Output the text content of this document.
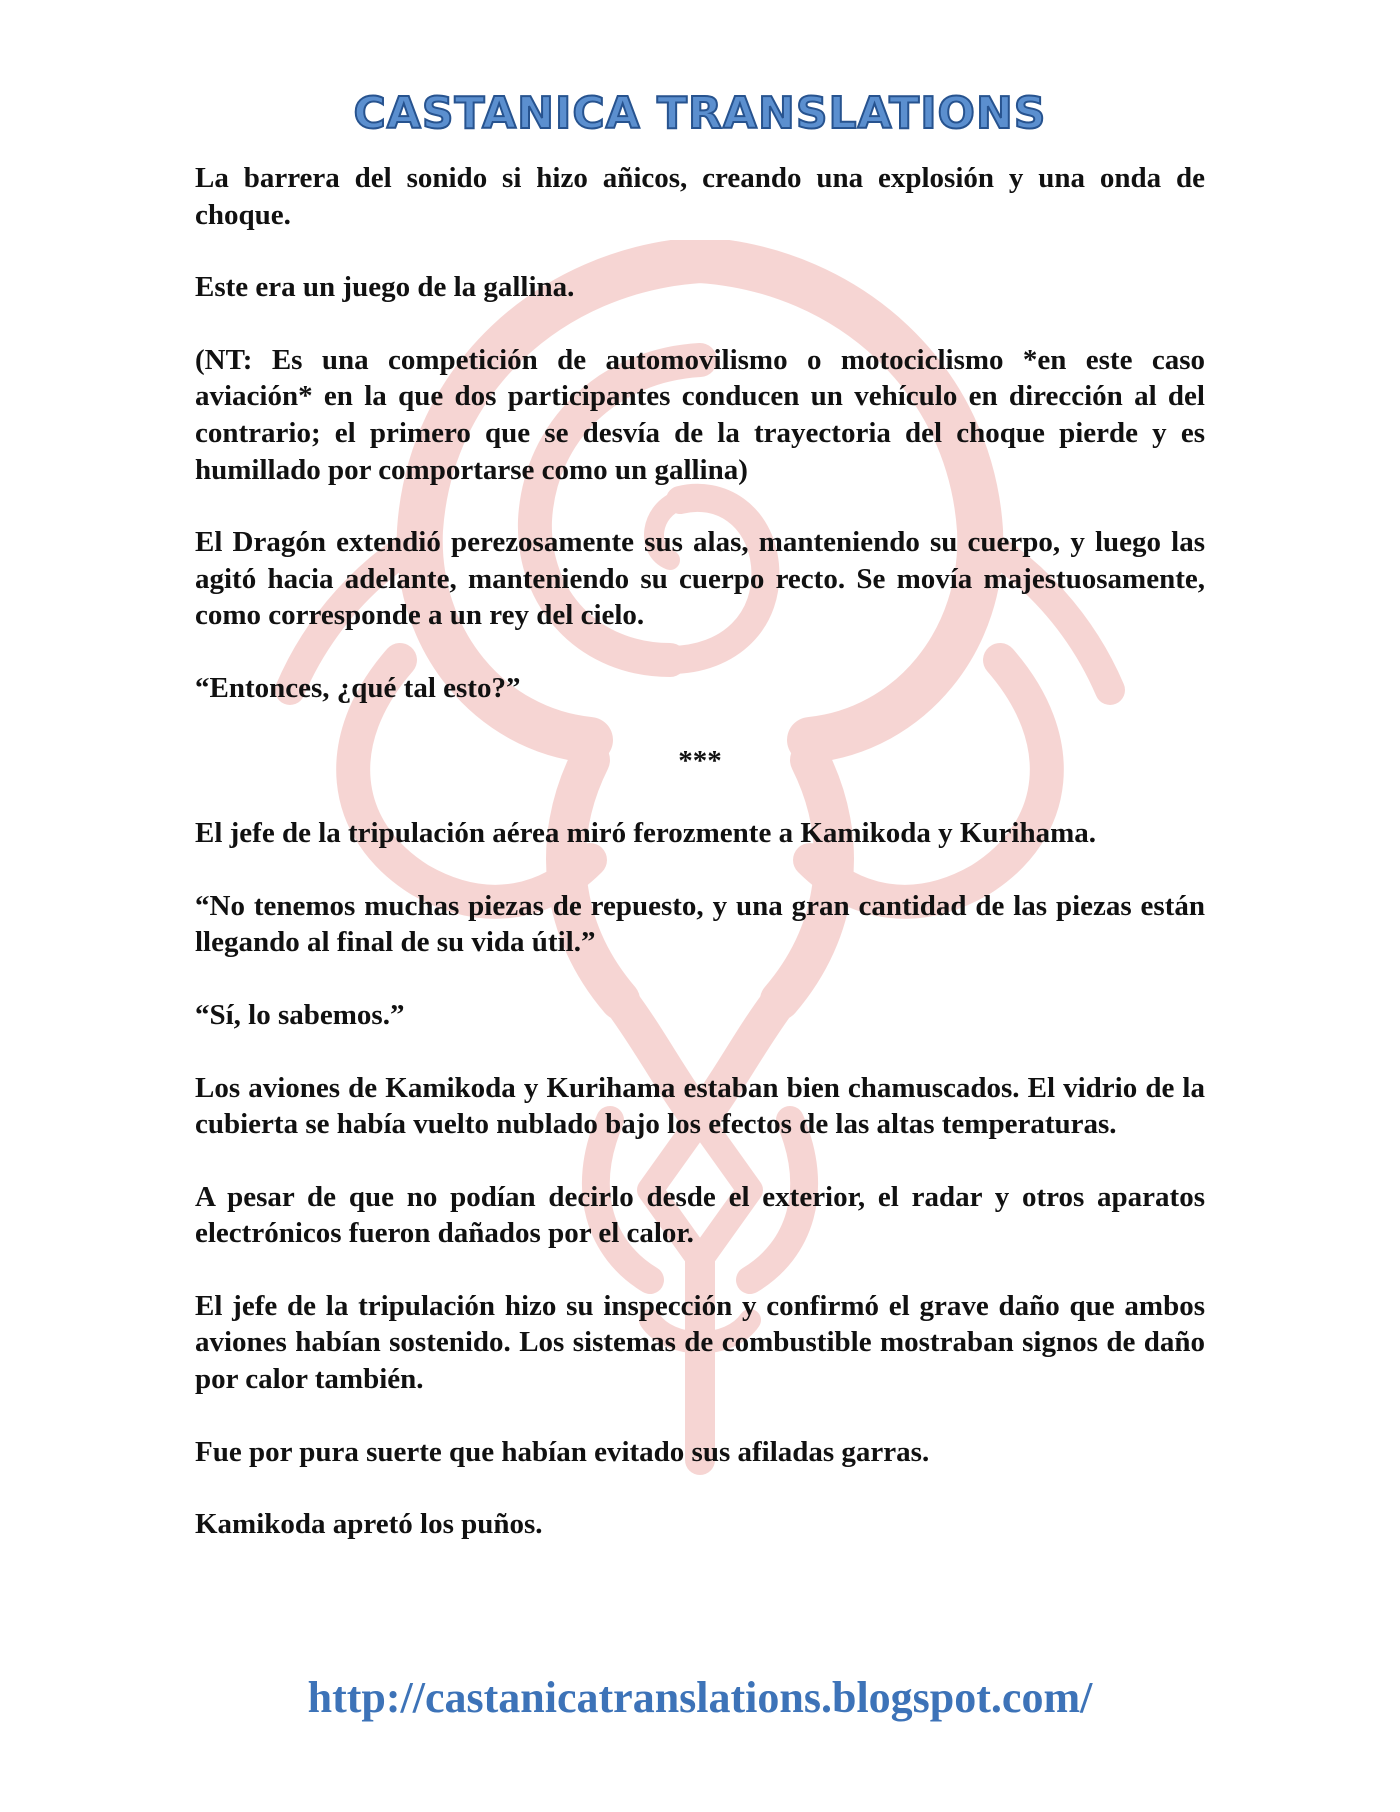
CASTANICA TRANSLATIONS

La barrera del sonido si hizo añicos, creando una explosión y una onda de choque.

Este era un juego de la gallina.

(NT: Es una competición de automovilismo o motociclismo *en este caso aviación* en la que dos participantes conducen un vehículo en dirección al del contrario; el primero que se desvía de la trayectoria del choque pierde y es humillado por comportarse como un gallina)

El Dragón extendió perezosamente sus alas, manteniendo su cuerpo, y luego las agitó hacia adelante, manteniendo su cuerpo recto. Se movía majestuosamente, como corresponde a un rey del cielo.

“Entonces, ¿qué tal esto?”

***

El jefe de la tripulación aérea miró ferozmente a Kamikoda y Kurihama.

“No tenemos muchas piezas de repuesto, y una gran cantidad de las piezas están llegando al final de su vida útil.”

“Sí, lo sabemos.”

Los aviones de Kamikoda y Kurihama estaban bien chamuscados. El vidrio de la cubierta se había vuelto nublado bajo los efectos de las altas temperaturas.

A pesar de que no podían decirlo desde el exterior, el radar y otros aparatos electrónicos fueron dañados por el calor.

El jefe de la tripulación hizo su inspección y confirmó el grave daño que ambos aviones habían sostenido. Los sistemas de combustible mostraban signos de daño por calor también.

Fue por pura suerte que habían evitado sus afiladas garras.

Kamikoda apretó los puños.

http://castanicatranslations.blogspot.com/
